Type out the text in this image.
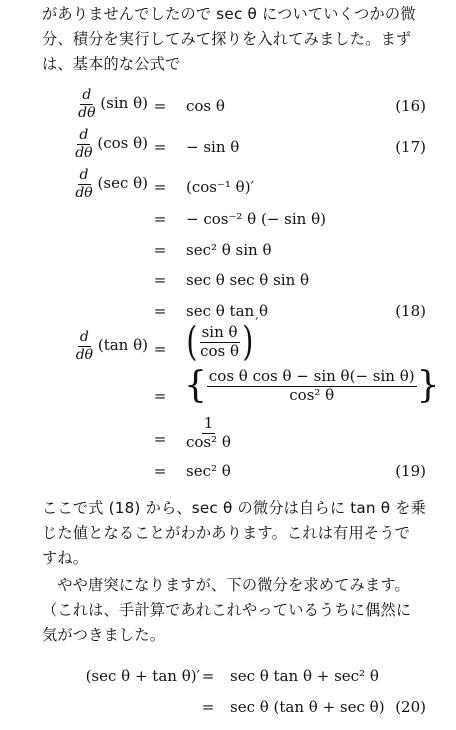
がありませんでしたので sec θ についていくつかの微
分、積分を実行してみて探りを入れてみました。まず
は、基本的な公式で
$\frac{d}{d\theta} (\sin$ θ) = cos θ	(16)
$\frac{d}{d\theta} (\cos$ θ) = − sin θ	(17)
$\frac{d}{d\theta} (\sec$ θ) = (cos⁻¹ θ)′
= − cos⁻² θ (− sin θ)
= sec² θ sin θ
= sec θ sec θ sin θ
= sec θ tan θ	(18)
$\frac{d}{d\theta} (\tan$ θ) = ( $\frac{\text{sin θ}}{\text{cos θ}}$ ) ′
= { $\frac{\text{cos θ cos θ − sin θ(− sin θ)}}{\text{cos² θ}}$ }
= $\frac{1}{\text{cos² θ}}$
= sec² θ	(19)
ここで式 (18) から、sec θ の微分は自らに tan θ を乗
じた値となることがわかあります。これは有用そうで
すね。
やや唐突になりますが、下の微分を求めてみます。
（これは、手計算であれこれやっているうちに偶然に
気がつきました。
(sec θ + tan θ)′ = sec θ tan θ + sec² θ
= sec θ (tan θ + sec θ) (20)
